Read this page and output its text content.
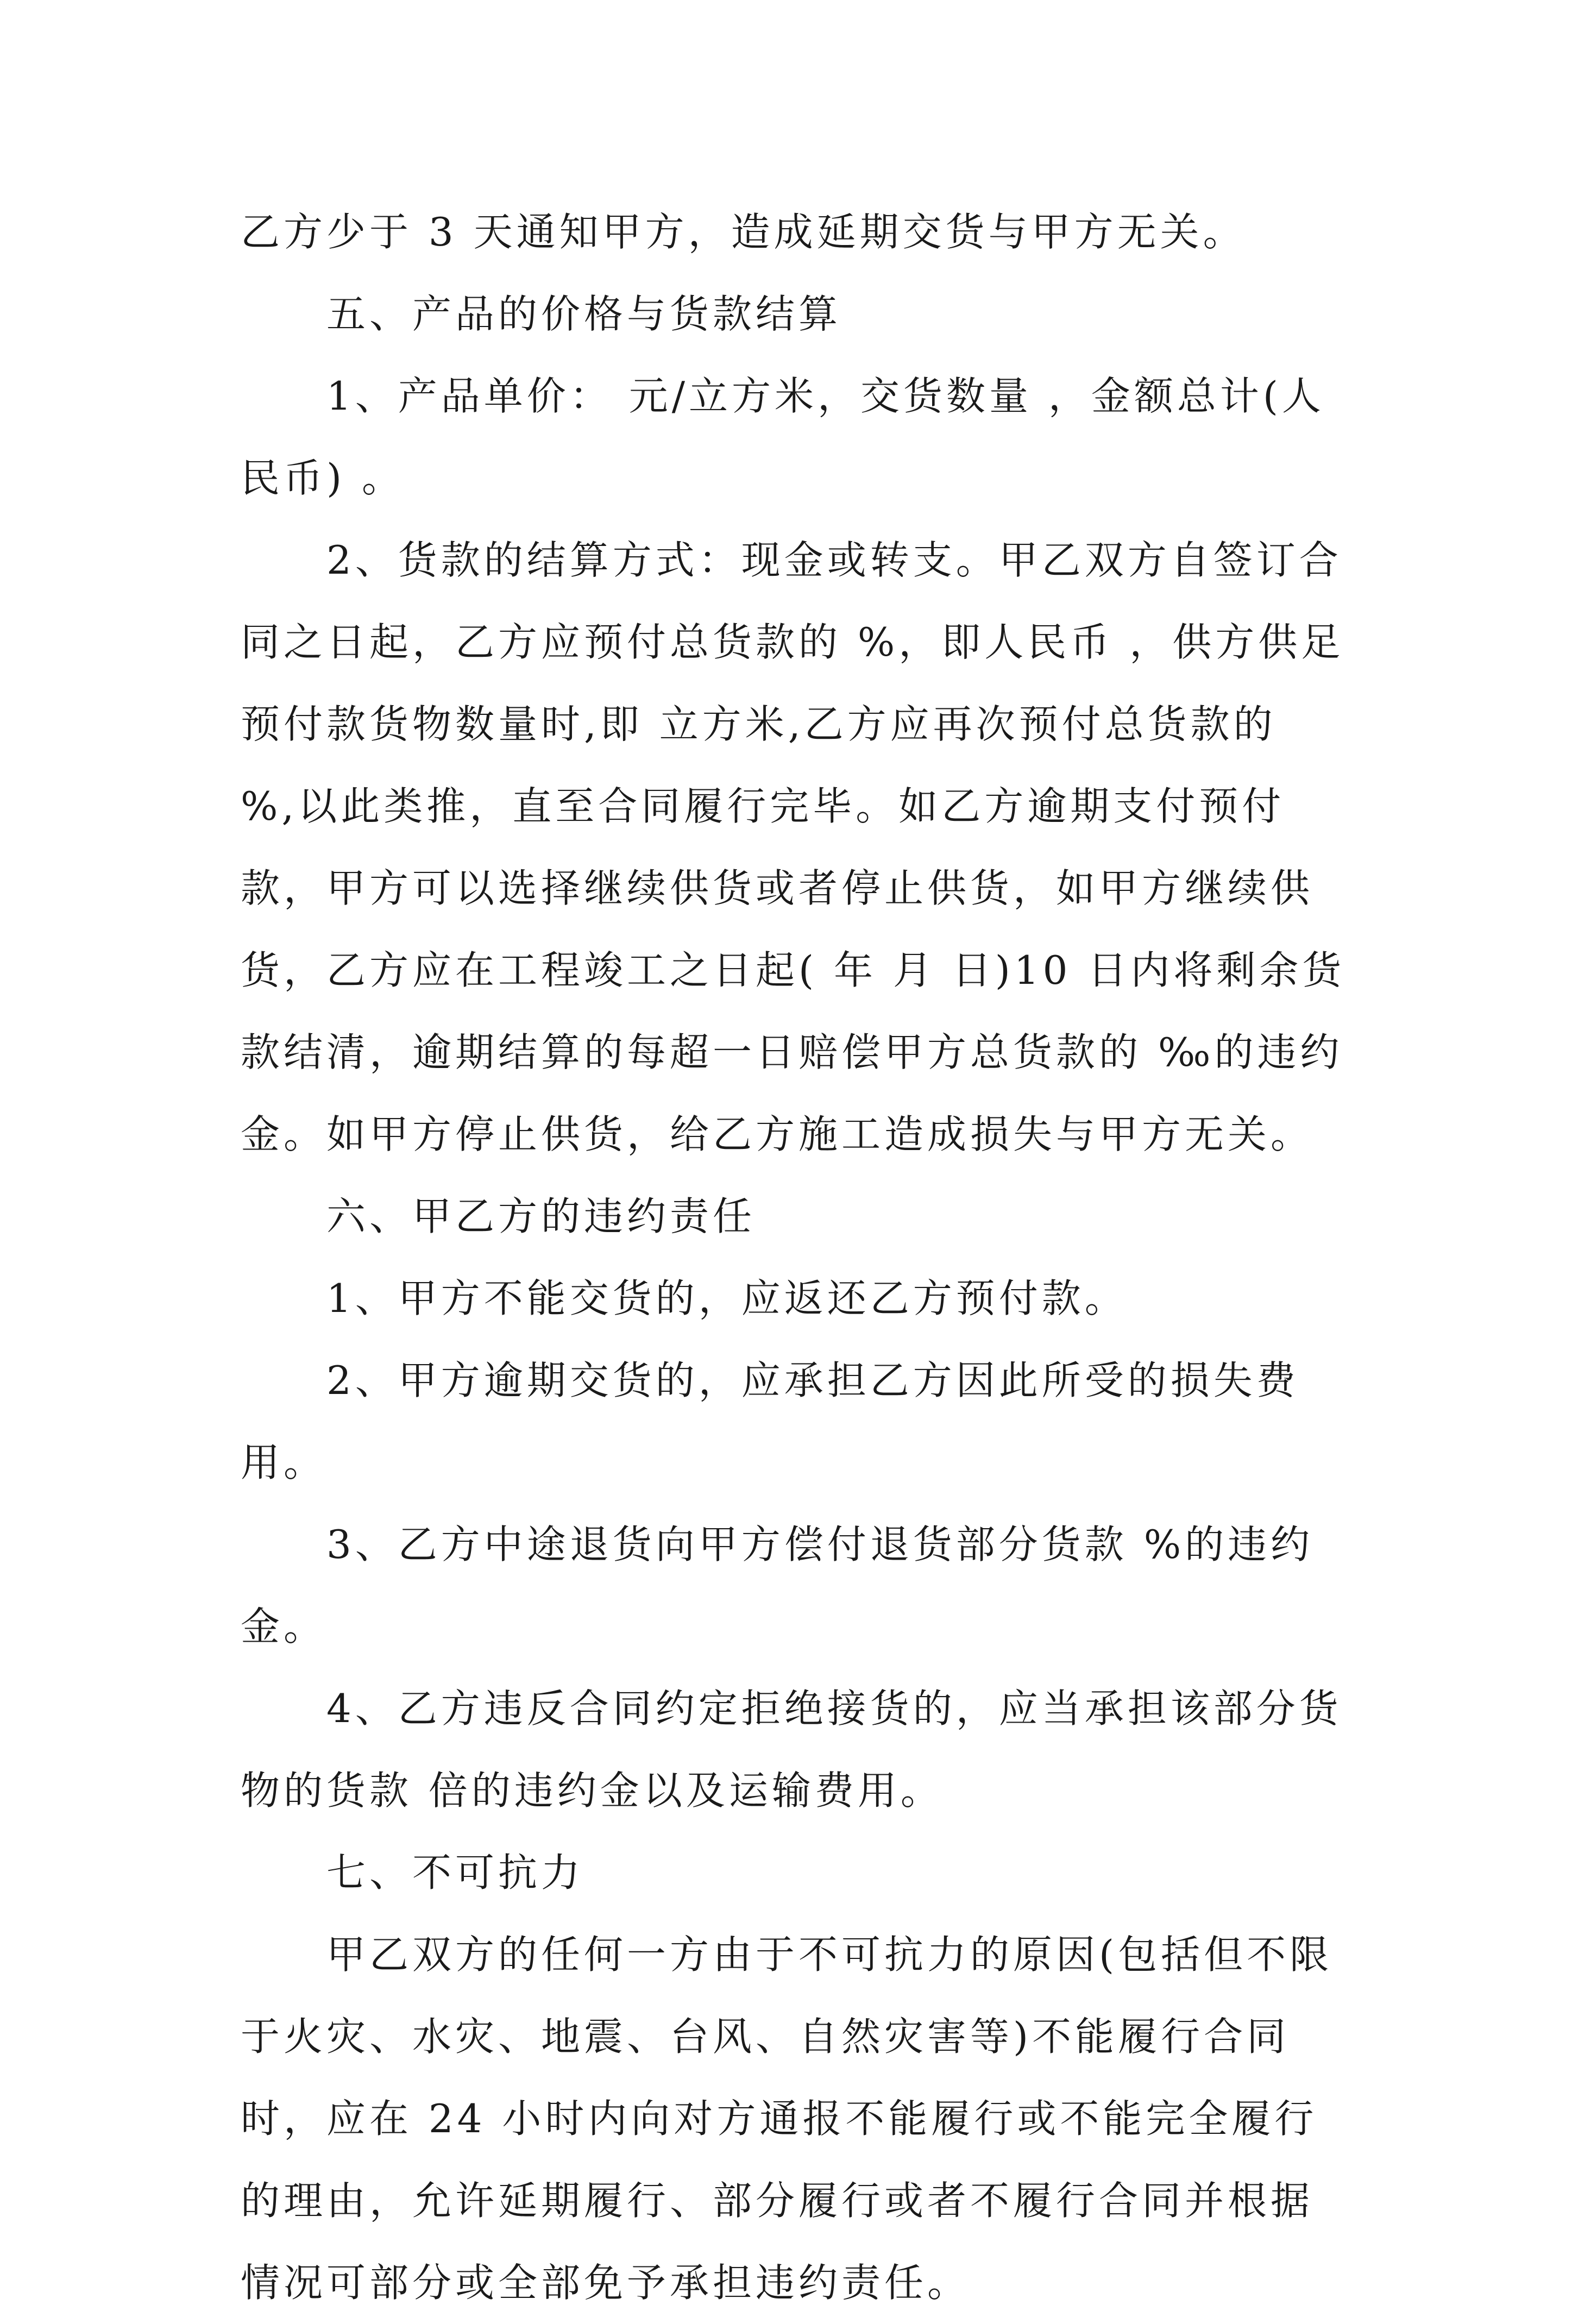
乙方少于 3 天通知甲方，造成延期交货与甲方无关。

五、产品的价格与货款结算

1、产品单价： 元/立方米，交货数量 ，金额总计(人民币) 。

2、货款的结算方式：现金或转支。甲乙双方自签订合同之日起，乙方应预付总货款的 %，即人民币 ，供方供足预付款货物数量时,即 立方米,乙方应再次预付总货款的 %,以此类推，直至合同履行完毕。如乙方逾期支付预付款，甲方可以选择继续供货或者停止供货，如甲方继续供货，乙方应在工程竣工之日起( 年 月 日)10 日内将剩余货款结清，逾期结算的每超一日赔偿甲方总货款的 ‰的违约金。如甲方停止供货，给乙方施工造成损失与甲方无关。

六、甲乙方的违约责任

1、甲方不能交货的，应返还乙方预付款。

2、甲方逾期交货的，应承担乙方因此所受的损失费用。

3、乙方中途退货向甲方偿付退货部分货款 %的违约金。

4、乙方违反合同约定拒绝接货的，应当承担该部分货物的货款 倍的违约金以及运输费用。

七、不可抗力

甲乙双方的任何一方由于不可抗力的原因(包括但不限于火灾、水灾、地震、台风、自然灾害等)不能履行合同时，应在 24 小时内向对方通报不能履行或不能完全履行的理由，允许延期履行、部分履行或者不履行合同并根据情况可部分或全部免予承担违约责任。
